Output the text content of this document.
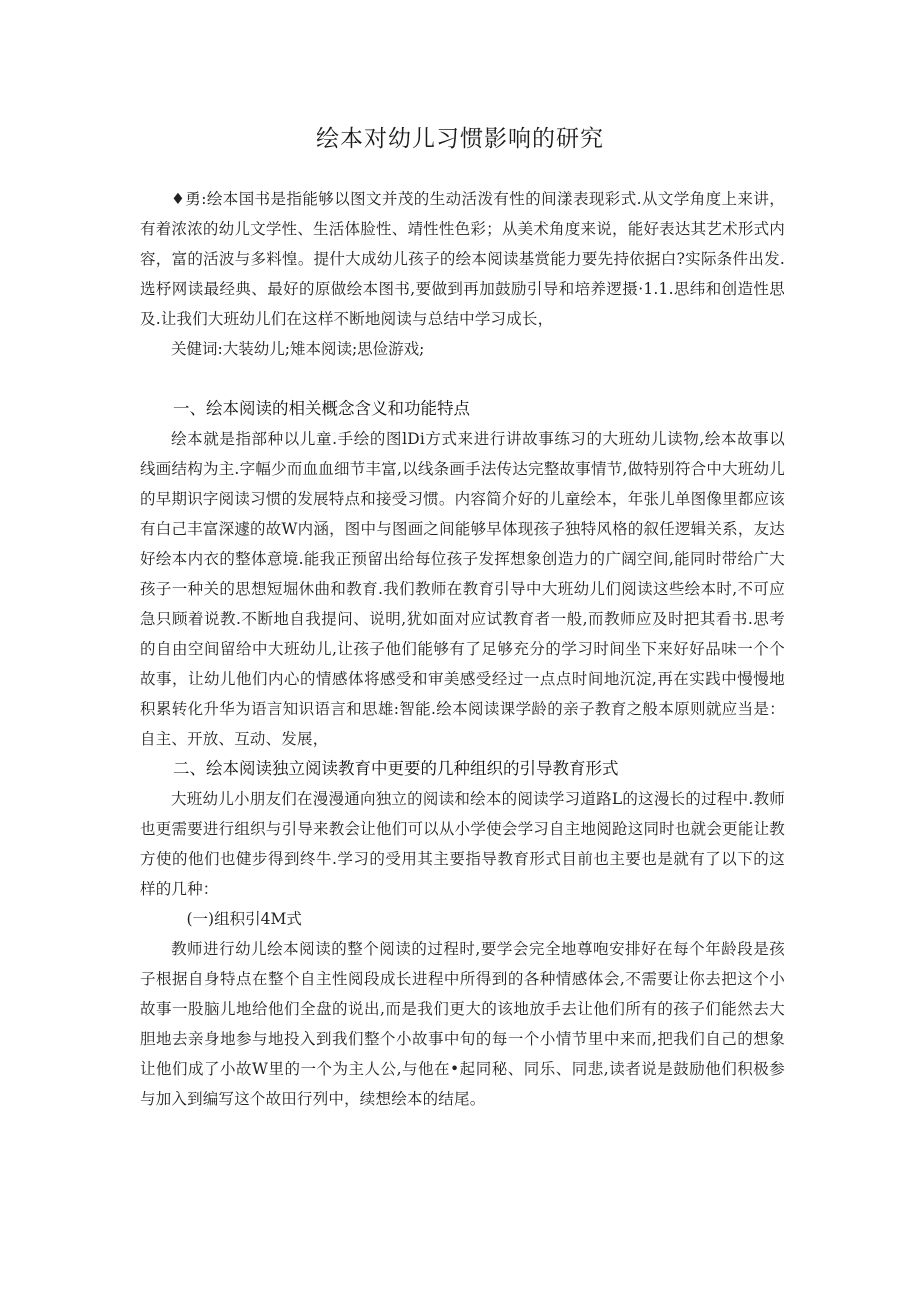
绘本对幼儿习惯影响的研究

♦勇:绘本国书是指能够以图文并茂的生动活泼有性的间漾表现彩式.从文学角度上来讲，有着浓浓的幼儿文学性、生活体脸性、靖性性色彩；从美术角度来说，能好表达其艺术形式内容，富的活波与多料惶。提什大成幼儿孩子的绘本阅读基赏能力要先持依据白?实际条件出发.选杼网读最经典、最好的原做绘本图书,要做到再加鼓励引导和培养逻摄·1.1.思纬和创造性思及.让我们大班幼儿们在这样不断地阅读与总结中学习成长，

关健词:大装幼儿;雉本阅读;思俭游戏;

一、绘本阅读的相关概念含义和功能特点

绘本就是指部种以儿童.手绘的图lDi方式来进行讲故事练习的大班幼儿读物,绘本故事以线画结构为主.字幅少而血血细节丰富,以线条画手法传达完整故事情节,做特别符合中大班幼儿的早期识字阅读习惯的发展特点和接受习惯。内容简介好的儿童绘本，年张儿单图像里都应该有白己丰富深遽的故W内涵，图中与图画之间能够早体现孩子独特风格的叙任逻辑关系，友达好绘本内衣的整体意境.能我正预留出给每位孩子发挥想象创造力的广阔空间,能同时带给广大孩子一种关的思想短堀休曲和教育.我们教师在教育引导中大班幼儿们阅读这些绘本时,不可应急只顾着说教.不断地自我提问、说明,犹如面对应试教育者一般,而教师应及时把其看书.思考的自由空间留给中大班幼儿,让孩子他们能够有了足够充分的学习时间坐下来好好品味一个个故事，让幼儿他们内心的情感体将感受和审美感受经过一点点时间地沉淀,再在实践中慢慢地积累转化升华为语言知识语言和思雄:智能.绘本阅读课学龄的亲子教育之般本原则就应当是：自主、开放、互动、发展，

二、绘本阅读独立阅读教育中更要的几种组织的引导教育形式

大班幼儿小朋友们在漫漫通向独立的阅读和绘本的阅读学习道路L的这漫长的过程中.教师也更需要进行组织与引导来教会让他们可以从小学使会学习自主地阅跄这同时也就会更能让教方使的他们也健步得到终牛.学习的受用其主要指导教育形式目前也主要也是就有了以下的这样的几种：

(一)组积引4M式

教师进行幼儿绘本阅读的整个阅读的过程时,要学会完全地尊咆安排好在每个年龄段是孩子根据自身特点在整个自主性阅段成长进程中所得到的各种情感体会,不需要让你去把这个小故事一股脑儿地给他们全盘的说出,而是我们更大的该地放手去让他们所有的孩子们能然去大胆地去亲身地参与地投入到我们整个小故事中旬的每一个小情节里中来而,把我们自己的想象让他们成了小故W里的一个为主人公,与他在•起同秘、同乐、同悲,读者说是鼓励他们积极参与加入到编写这个故田行列中，续想绘本的结尾。
